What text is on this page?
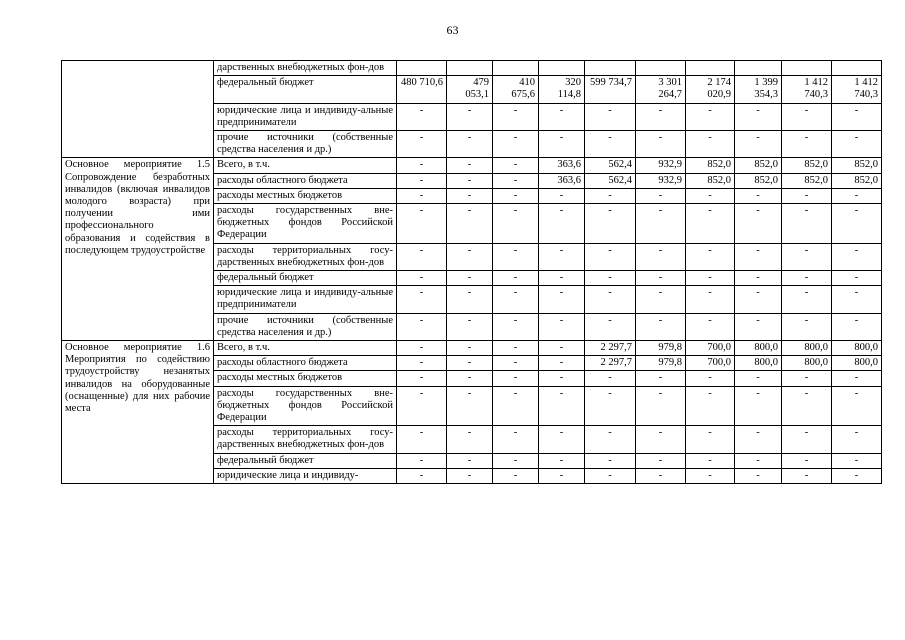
63
	дарственных внебюджетных фон-дов										
	федеральный бюджет	480 710,6	479 053,1	410 675,6	320 114,8	599 734,7	3 301 264,7	2 174 020,9	1 399 354,3	1 412 740,3	1 412 740,3
	юридические лица и индивиду-альные предприниматели	-	-	-	-	-	-	-	-	-	-
	прочие источники (собственные средства населения и др.)	-	-	-	-	-	-	-	-	-	-
Основное мероприятие 1.5 Сопровождение безработных инвалидов (включая инвалидов молодого возраста) при получении ими профессионального образования и содействия в последующем трудоустройстве	Всего, в т.ч.	-	-	-	363,6	562,4	932,9	852,0	852,0	852,0	852,0
	расходы областного бюджета	-	-	-	363,6	562,4	932,9	852,0	852,0	852,0	852,0
	расходы местных бюджетов	-	-	-	-	-	-	-	-	-	-
	расходы государственных вне-бюджетных фондов Российской Федерации	-	-	-	-	-	-	-	-	-	-
	расходы территориальных госу-дарственных внебюджетных фон-дов	-	-	-	-	-	-	-	-	-	-
	федеральный бюджет	-	-	-	-	-	-	-	-	-	-
	юридические лица и индивиду-альные предприниматели	-	-	-	-	-	-	-	-	-	-
	прочие источники (собственные средства населения и др.)	-	-	-	-	-	-	-	-	-	-
Основное мероприятие 1.6 Мероприятия по содействию трудоустройству незанятых инвалидов на оборудованные (оснащенные) для них рабочие места	Всего, в т.ч.	-	-	-	-	2 297,7	979,8	700,0	800,0	800,0	800,0
	расходы областного бюджета	-	-	-	-	2 297,7	979,8	700,0	800,0	800,0	800,0
	расходы местных бюджетов	-	-	-	-	-	-	-	-	-	-
	расходы государственных вне-бюджетных фондов Российской Федерации	-	-	-	-	-	-	-	-	-	-
	расходы территориальных госу-дарственных внебюджетных фон-дов	-	-	-	-	-	-	-	-	-	-
	федеральный бюджет	-	-	-	-	-	-	-	-	-	-
	юридические лица и индивиду-	-	-	-	-	-	-	-	-	-	-
